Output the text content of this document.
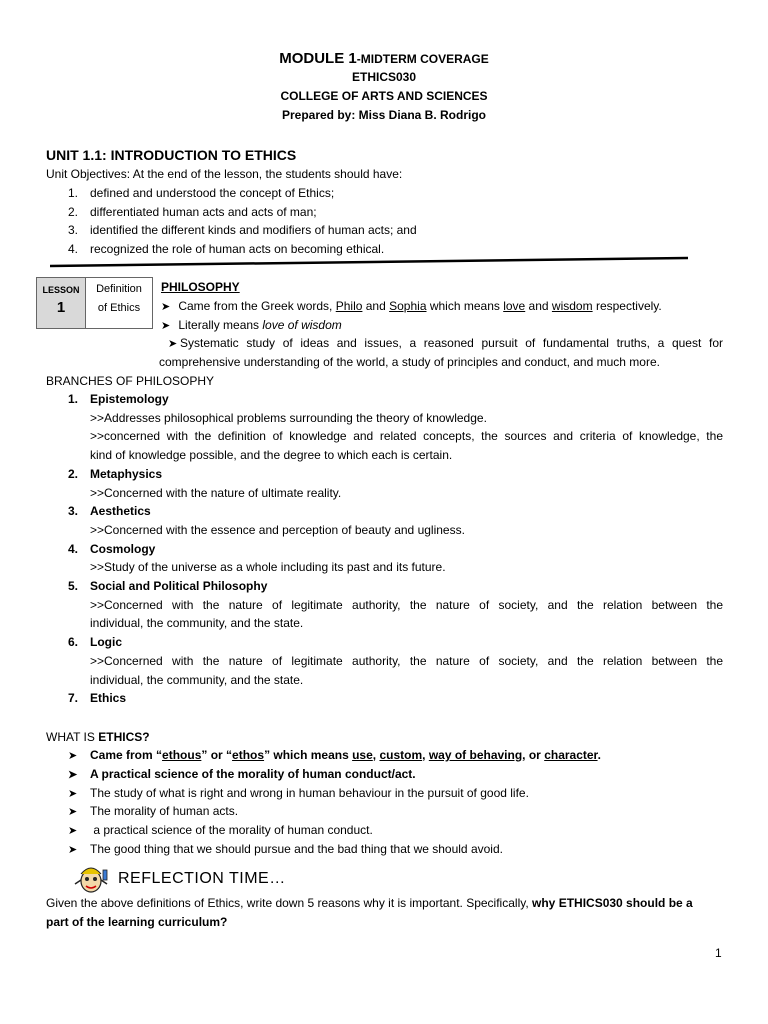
MODULE 1-MIDTERM COVERAGE
ETHICS030
COLLEGE OF ARTS AND SCIENCES
Prepared by: Miss Diana B. Rodrigo
UNIT 1.1: INTRODUCTION TO ETHICS
Unit Objectives: At the end of the lesson, the students should have:
1. defined and understood the concept of Ethics;
2. differentiated human acts and acts of man;
3. identified the different kinds and modifiers of human acts; and
4. recognized the role of human acts on becoming ethical.
LESSON
1
Definition
of Ethics
PHILOSOPHY
➤ Came from the Greek words, Philo and Sophia which means love and wisdom respectively.
➤ Literally means love of wisdom
➤ Systematic study of ideas and issues, a reasoned pursuit of fundamental truths, a quest for
comprehensive understanding of the world, a study of principles and conduct, and much more.
BRANCHES OF PHILOSOPHY
1. Epistemology
>>Addresses philosophical problems surrounding the theory of knowledge.
>>concerned with the definition of knowledge and related concepts, the sources and criteria of knowledge, the
kind of knowledge possible, and the degree to which each is certain.
2. Metaphysics
>>Concerned with the nature of ultimate reality.
3. Aesthetics
>>Concerned with the essence and perception of beauty and ugliness.
4. Cosmology
>>Study of the universe as a whole including its past and its future.
5. Social and Political Philosophy
>>Concerned with the nature of legitimate authority, the nature of society, and the relation between the
individual, the community, and the state.
6. Logic
>>Concerned with the nature of legitimate authority, the nature of society, and the relation between the
individual, the community, and the state.
7. Ethics
WHAT IS ETHICS?
➤ Came from “ethous” or “ethos” which means use, custom, way of behaving, or character.
➤ A practical science of the morality of human conduct/act.
➤ The study of what is right and wrong in human behaviour in the pursuit of good life.
➤ The morality of human acts.
➤ a practical science of the morality of human conduct.
➤ The good thing that we should pursue and the bad thing that we should avoid.
REFLECTION TIME…
Given the above definitions of Ethics, write down 5 reasons why it is important. Specifically, why ETHICS030 should be a
part of the learning curriculum?
1
